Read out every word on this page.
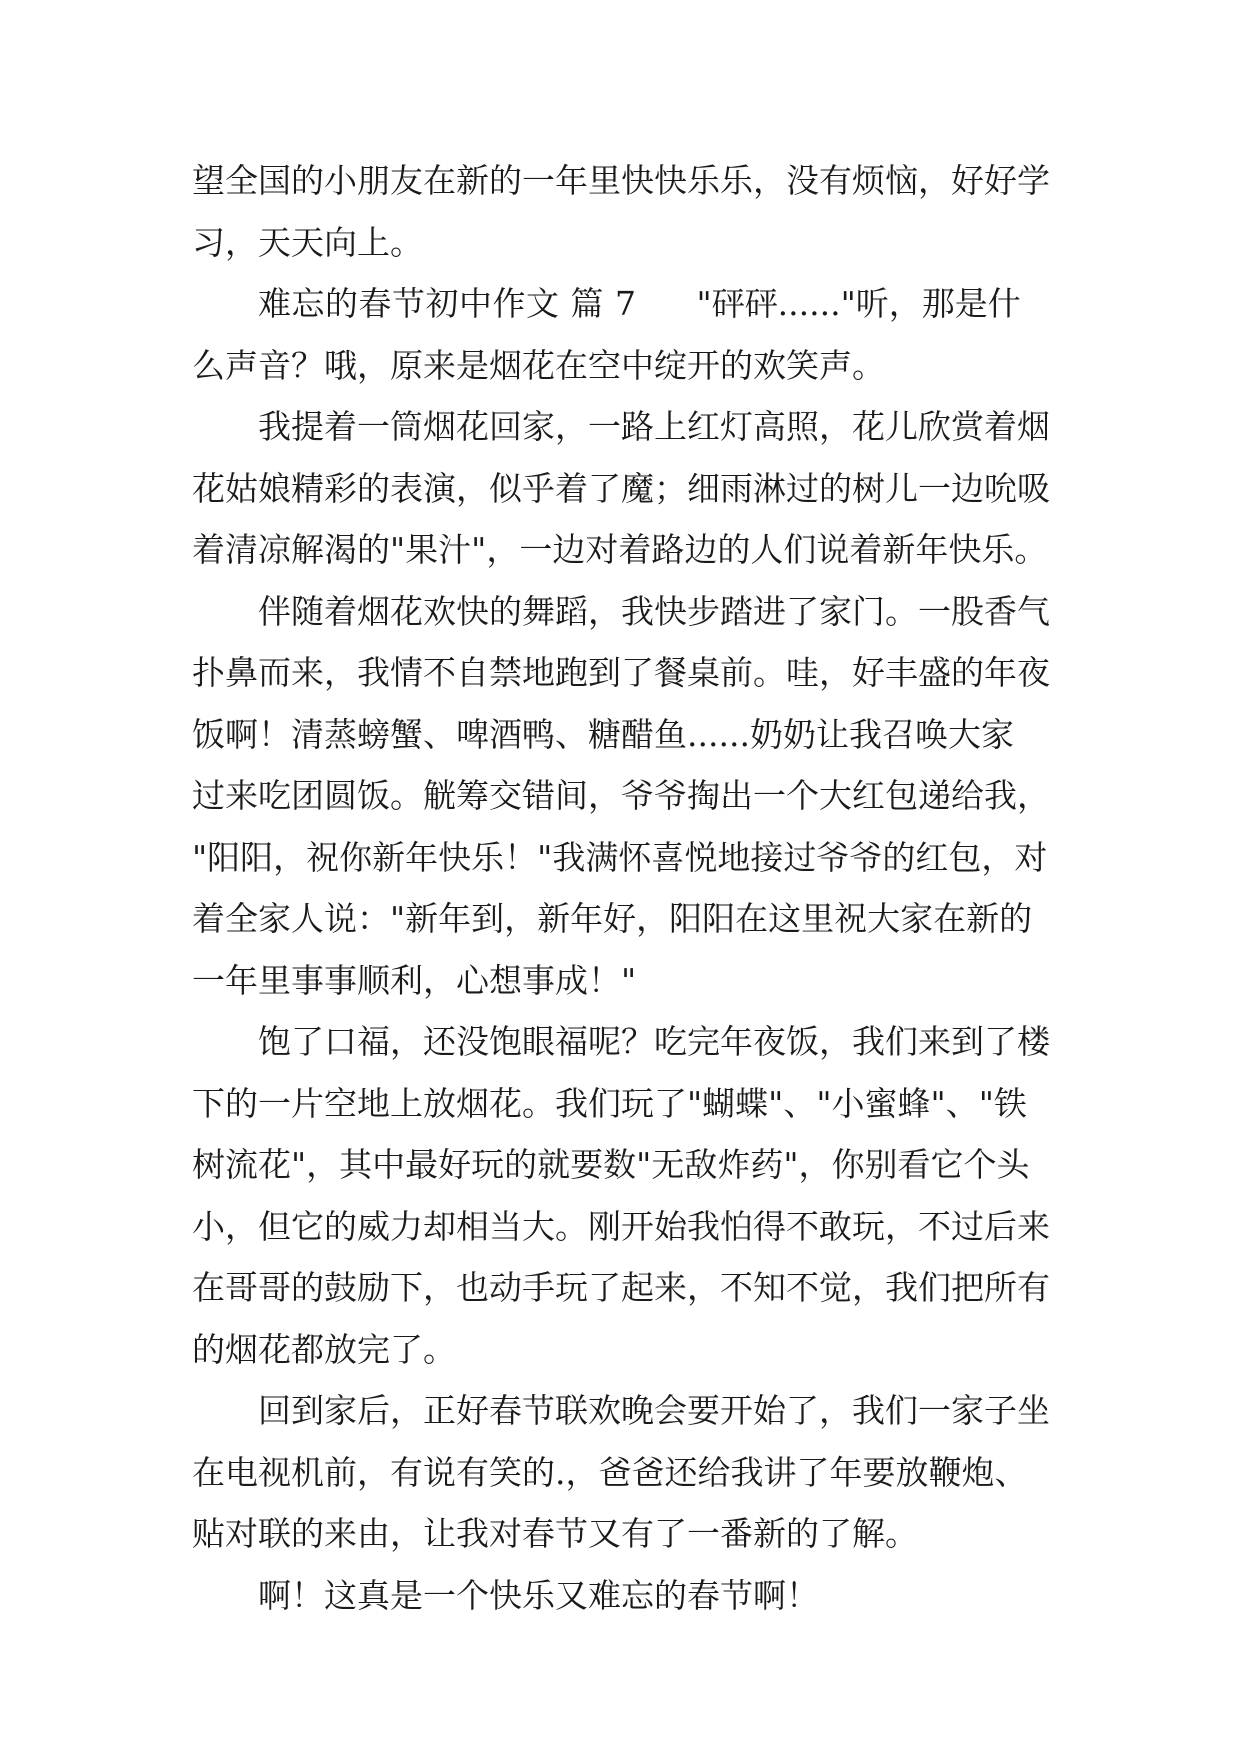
望全国的小朋友在新的一年里快快乐乐，没有烦恼，好好学
习，天天向上。
难忘的春节初中作文 篇 7 "砰砰......"听，那是什
么声音？哦，原来是烟花在空中绽开的欢笑声。
我提着一筒烟花回家，一路上红灯高照，花儿欣赏着烟
花姑娘精彩的表演，似乎着了魔；细雨淋过的树儿一边吮吸
着清凉解渴的"果汁"，一边对着路边的人们说着新年快乐。
伴随着烟花欢快的舞蹈，我快步踏进了家门。一股香气
扑鼻而来，我情不自禁地跑到了餐桌前。哇，好丰盛的年夜
饭啊！清蒸螃蟹、啤酒鸭、糖醋鱼......奶奶让我召唤大家
过来吃团圆饭。觥筹交错间，爷爷掏出一个大红包递给我，
"阳阳，祝你新年快乐！"我满怀喜悦地接过爷爷的红包，对
着全家人说："新年到，新年好，阳阳在这里祝大家在新的
一年里事事顺利，心想事成！"
饱了口福，还没饱眼福呢？吃完年夜饭，我们来到了楼
下的一片空地上放烟花。我们玩了"蝴蝶"、"小蜜蜂"、"铁
树流花"，其中最好玩的就要数"无敌炸药"，你别看它个头
小，但它的威力却相当大。刚开始我怕得不敢玩，不过后来
在哥哥的鼓励下，也动手玩了起来，不知不觉，我们把所有
的烟花都放完了。
回到家后，正好春节联欢晚会要开始了，我们一家子坐
在电视机前，有说有笑的.，爸爸还给我讲了年要放鞭炮、
贴对联的来由，让我对春节又有了一番新的了解。
啊！这真是一个快乐又难忘的春节啊！
